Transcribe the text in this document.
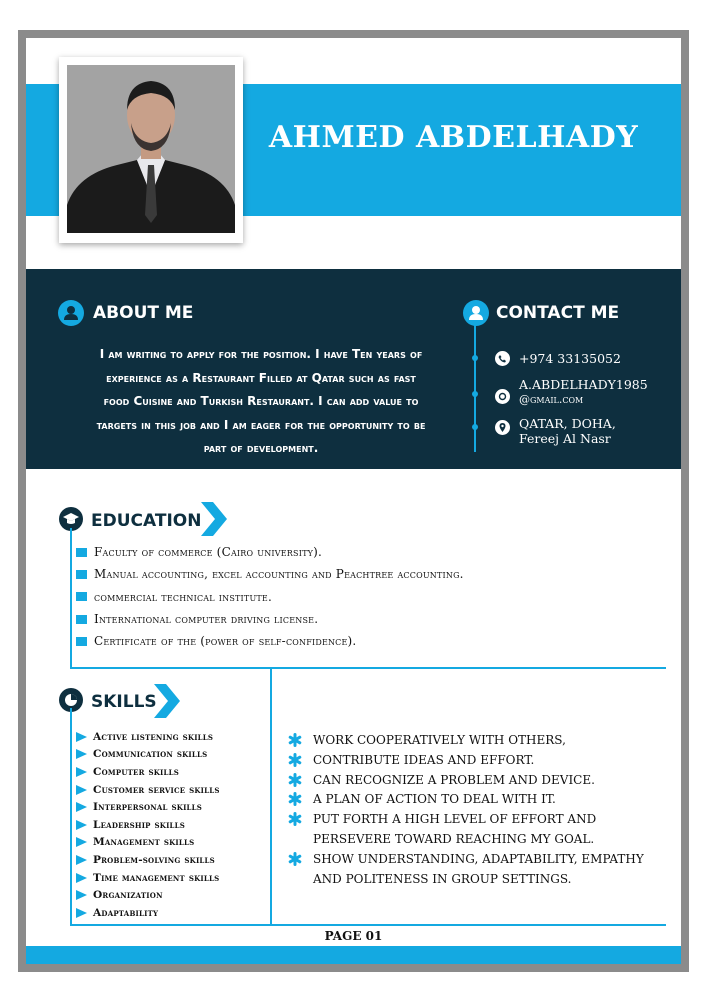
AHMED ABDELHADY
ABOUT ME
I am writing to apply for the position. I have Ten years of
experience as a Restaurant Filled at Qatar such as fast
food Cuisine and Turkish Restaurant. I can add value to
targets in this job and I am eager for the opportunity to be
part of development.
CONTACT ME
+974 33135052
A.ABDELHADY1985
@gmail.com
QATAR, DOHA,
Fereej Al Nasr
EDUCATION
Faculty of commerce (Cairo university).
Manual accounting, excel accounting and Peachtree accounting.
commercial technical institute.
International computer driving license.
Certificate of the (power of self-confidence).
SKILLS
Active listening skills
Communication skills
Computer skills
Customer service skills
Interpersonal skills
Leadership skills
Management skills
Problem-solving skills
Time management skills
Organization
Adaptability
WORK COOPERATIVELY WITH OTHERS,
CONTRIBUTE IDEAS AND EFFORT.
CAN RECOGNIZE A PROBLEM AND DEVICE.
A PLAN OF ACTION TO DEAL WITH IT.
PUT FORTH A HIGH LEVEL OF EFFORT AND
PERSEVERE TOWARD REACHING MY GOAL.
SHOW UNDERSTANDING, ADAPTABILITY, EMPATHY
AND POLITENESS IN GROUP SETTINGS.
PAGE 01
